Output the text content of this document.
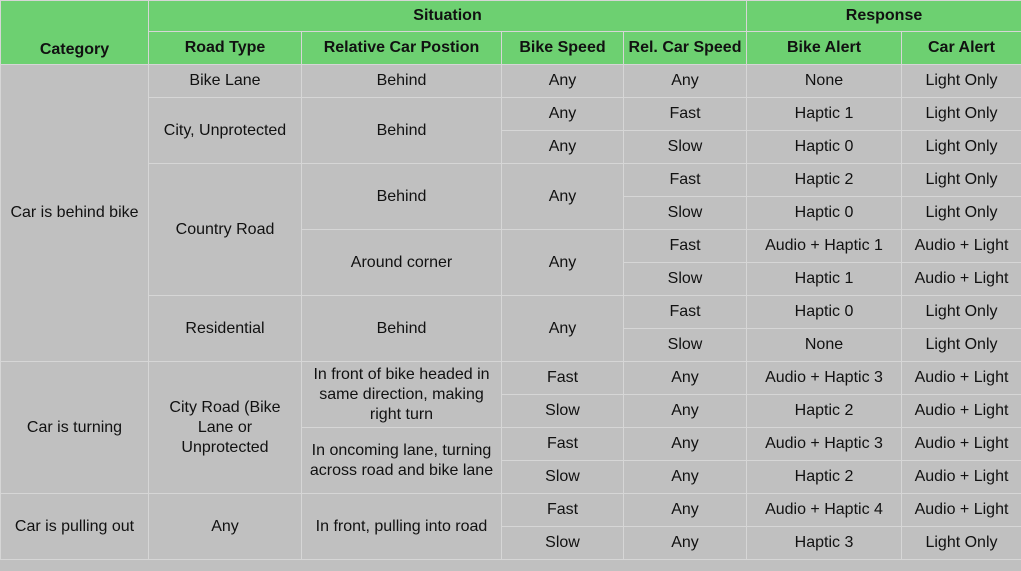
Category	Situation				Response	
	Road Type	Relative Car Postion	Bike Speed	Rel. Car Speed	Bike Alert	Car Alert
Car is behind bike	Bike Lane	Behind	Any	Any	None	Light Only
	City, Unprotected	Behind	Any	Fast	Haptic 1	Light Only
			Any	Slow	Haptic 0	Light Only
	Country Road	Behind	Any	Fast	Haptic 2	Light Only
				Slow	Haptic 0	Light Only
		Around corner	Any	Fast	Audio + Haptic 1	Audio + Light
				Slow	Haptic 1	Audio + Light
	Residential	Behind	Any	Fast	Haptic 0	Light Only
				Slow	None	Light Only
Car is turning	City Road (Bike Lane or Unprotected	In front of bike headed in same direction, making right turn	Fast	Any	Audio + Haptic 3	Audio + Light
			Slow	Any	Haptic 2	Audio + Light
		In oncoming lane, turning across road and bike lane	Fast	Any	Audio + Haptic 3	Audio + Light
			Slow	Any	Haptic 2	Audio + Light
Car is pulling out	Any	In front, pulling into road	Fast	Any	Audio + Haptic 4	Audio + Light
			Slow	Any	Haptic 3	Light Only
